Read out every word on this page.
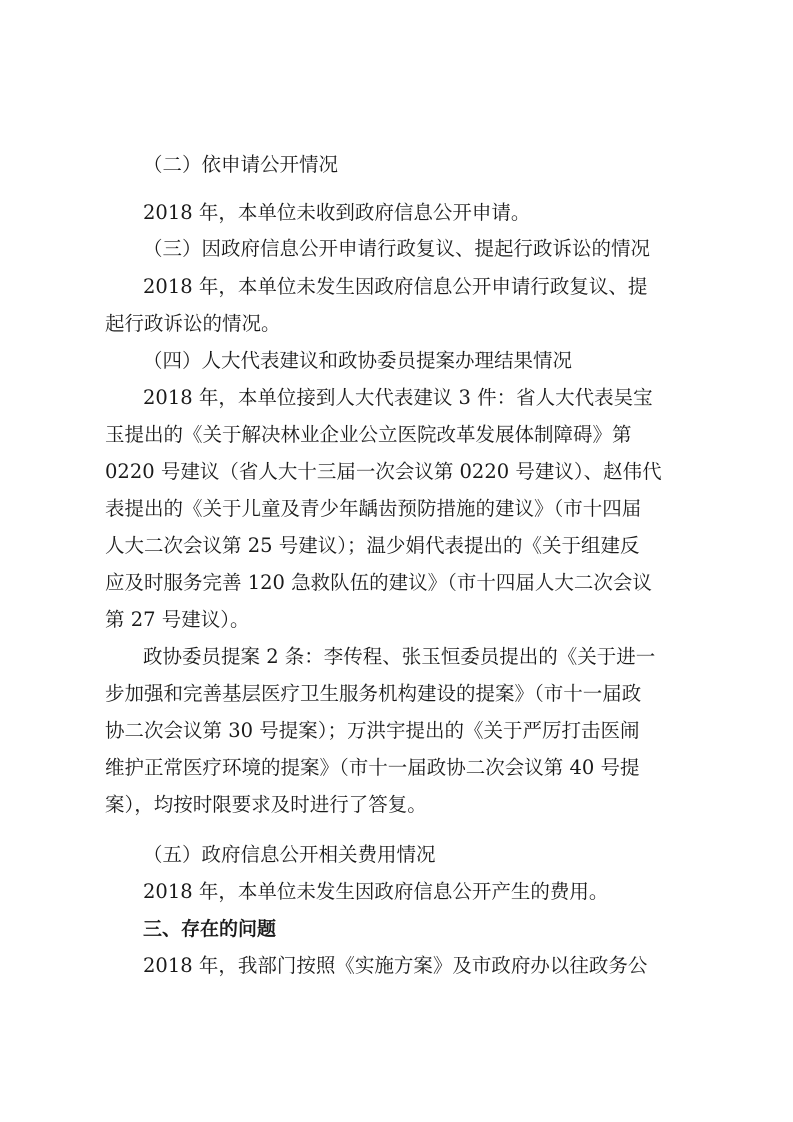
（二）依申请公开情况
2018 年，本单位未收到政府信息公开申请。
（三）因政府信息公开申请行政复议、提起行政诉讼的情况
2018 年，本单位未发生因政府信息公开申请行政复议、提
起行政诉讼的情况。
（四）人大代表建议和政协委员提案办理结果情况
2018 年，本单位接到人大代表建议 3 件：省人大代表吴宝
玉提出的《关于解决林业企业公立医院改革发展体制障碍》第
0220 号建议（省人大十三届一次会议第 0220 号建议）、赵伟代
表提出的《关于儿童及青少年龋齿预防措施的建议》（市十四届
人大二次会议第 25 号建议）；温少娟代表提出的《关于组建反
应及时服务完善 120 急救队伍的建议》（市十四届人大二次会议
第 27 号建议）。
政协委员提案 2 条：李传程、张玉恒委员提出的《关于进一
步加强和完善基层医疗卫生服务机构建设的提案》（市十一届政
协二次会议第 30 号提案）；万洪宇提出的《关于严厉打击医闹
维护正常医疗环境的提案》（市十一届政协二次会议第 40 号提
案），均按时限要求及时进行了答复。
（五）政府信息公开相关费用情况
2018 年，本单位未发生因政府信息公开产生的费用。
三、存在的问题
2018 年，我部门按照《实施方案》及市政府办以往政务公
